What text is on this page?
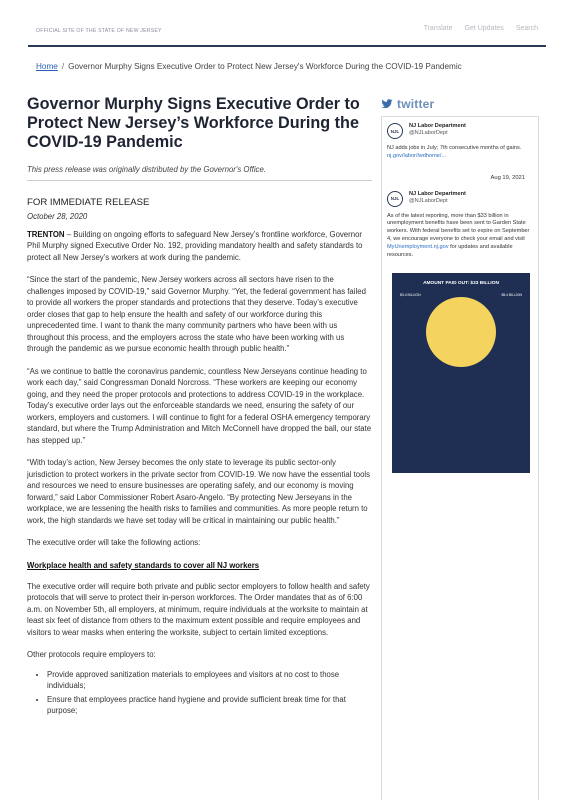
OFFICIAL SITE OF THE STATE OF NEW JERSEY	Translate Get Updates Search
Home / Governor Murphy Signs Executive Order to Protect New Jersey's Workforce During the COVID-19 Pandemic
Governor Murphy Signs Executive Order to Protect New Jersey’s Workforce During the COVID-19 Pandemic
This press release was originally distributed by the Governor's Office.
FOR IMMEDIATE RELEASE
October 28, 2020

TRENTON – Building on ongoing efforts to safeguard New Jersey’s frontline workforce, Governor Phil Murphy signed Executive Order No. 192, providing mandatory health and safety standards to protect all New Jersey’s workers at work during the pandemic.

“Since the start of the pandemic, New Jersey workers across all sectors have risen to the challenges imposed by COVID-19,” said Governor Murphy. “Yet, the federal government has failed to provide all workers the proper standards and protections that they deserve. Today’s executive order closes that gap to help ensure the health and safety of our workforce during this unprecedented time. I want to thank the many community partners who have been with us throughout this process, and the employers across the state who have been working with us through the pandemic as we pursue economic health through public health.”

“As we continue to battle the coronavirus pandemic, countless New Jerseyans continue heading to work each day,” said Congressman Donald Norcross. “These workers are keeping our economy going, and they need the proper protocols and protections to address COVID-19 in the workplace. Today’s executive order lays out the enforceable standards we need, ensuring the safety of our workers, employers and customers. I will continue to fight for a federal OSHA emergency temporary standard, but where the Trump Administration and Mitch McConnell have dropped the ball, our state has stepped up.”

“With today’s action, New Jersey becomes the only state to leverage its public sector-only jurisdiction to protect workers in the private sector from COVID-19. We now have the essential tools and resources we need to ensure businesses are operating safely, and our economy is moving forward,” said Labor Commissioner Robert Asaro-Angelo. “By protecting New Jerseyans in the workplace, we are lessening the health risks to families and communities. As more people return to work, the high standards we have set today will be critical in maintaining our public health.”

The executive order will take the following actions:

Workplace health and safety standards to cover all NJ workers

The executive order will require both private and public sector employers to follow health and safety protocols that will serve to protect their in-person workforces. The Order mandates that as of 6:00 a.m. on November 5th, all employers, at minimum, require individuals at the worksite to maintain at least six feet of distance from others to the maximum extent possible and require employees and visitors to wear masks when entering the worksite, subject to certain limited exceptions.

Other protocols require employers to:

• Provide approved sanitization materials to employees and visitors at no cost to those individuals;
• Ensure that employees practice hand hygiene and provide sufficient break time for that purpose;
twitter
NJL
NJ Labor Department
@NJLaborDept
NJ adds jobs in July; 7th consecutive months of gains. nj.gov/labor/lwdhome/...
Aug 19, 2021
NJL
NJ Labor Department
@NJLaborDept
As of the latest reporting, more than $33 billion in unemployment benefits have been sent to Garden State workers. With federal benefits set to expire on September 4, we encourage everyone to check your email and visit MyUnemployment.nj.gov for updates and available resources.
AMOUNT PAID OUT: $33 BILLION
$3.4 BILLION	$5.4 BILLION
